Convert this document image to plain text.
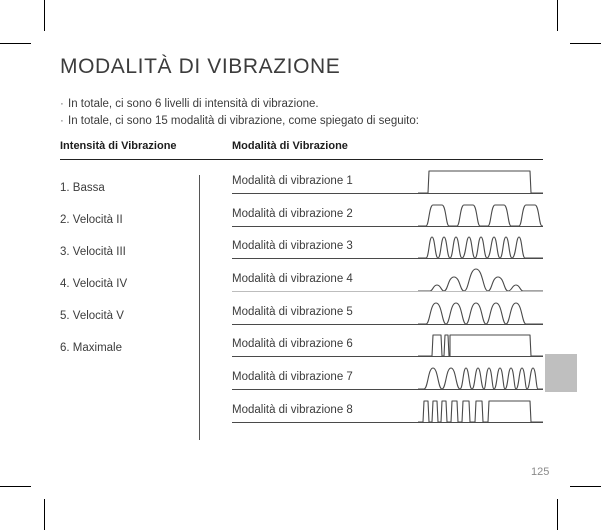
MODALITÀ DI VIBRAZIONE
· In totale, ci sono 6 livelli di intensità di vibrazione.
· In totale, ci sono 15 modalità di vibrazione, come spiegato di seguito:
Intensità di Vibrazione	Modalità di Vibrazione
1. Bassa
2. Velocità II
3. Velocità III
4. Velocità IV
5. Velocità V
6. Maximale
Modalità di vibrazione 1
Modalità di vibrazione 2
Modalità di vibrazione 3
Modalità di vibrazione 4
Modalità di vibrazione 5
Modalità di vibrazione 6
Modalità di vibrazione 7
Modalità di vibrazione 8
125
